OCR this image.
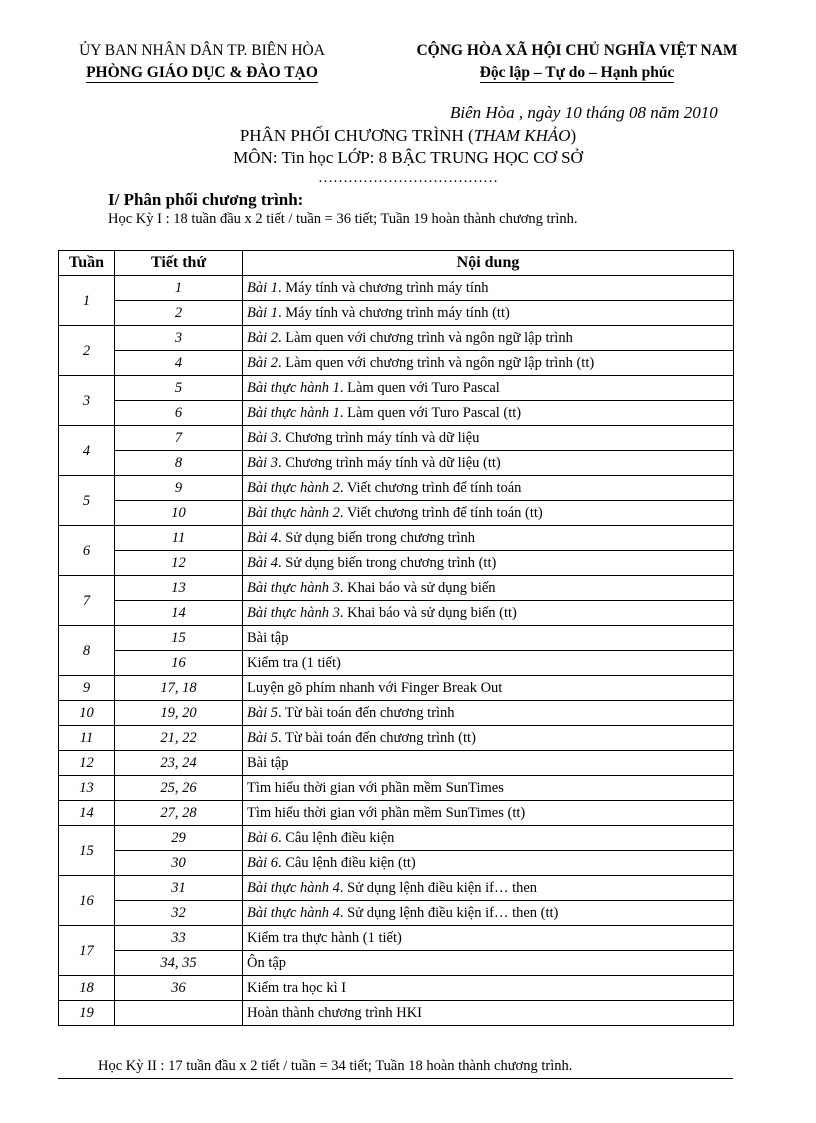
ỦY BAN NHÂN DÂN TP. BIÊN HÒA
PHÒNG GIÁO DỤC & ĐÀO TẠO
CỘNG HÒA XÃ HỘI CHỦ NGHĨA VIỆT NAM
Độc lập – Tự do – Hạnh phúc
Biên Hòa , ngày 10 tháng 08 năm 2010
PHÂN PHỐI CHƯƠNG TRÌNH (THAM KHẢO)
MÔN: Tin học LỚP: 8 BẬC TRUNG HỌC CƠ SỞ
………………………………
I/ Phân phối chương trình:
Học Kỳ I : 18 tuần đầu x 2 tiết / tuần = 36 tiết; Tuần 19 hoàn thành chương trình.
Tuần	Tiết thứ	Nội dung
1	1	Bài 1. Máy tính và chương trình máy tính
	2	Bài 1. Máy tính và chương trình máy tính (tt)
2	3	Bài 2. Làm quen với chương trình và ngôn ngữ lập trình
	4	Bài 2. Làm quen với chương trình và ngôn ngữ lập trình (tt)
3	5	Bài thực hành 1. Làm quen với Turo Pascal
	6	Bài thực hành 1. Làm quen với Turo Pascal (tt)
4	7	Bài 3. Chương trình máy tính và dữ liệu
	8	Bài 3. Chương trình máy tính và dữ liệu (tt)
5	9	Bài thực hành 2. Viết chương trình để tính toán
	10	Bài thực hành 2. Viết chương trình để tính toán (tt)
6	11	Bài 4. Sử dụng biến trong chương trình
	12	Bài 4. Sử dụng biến trong chương trình (tt)
7	13	Bài thực hành 3. Khai báo và sử dụng biến
	14	Bài thực hành 3. Khai báo và sử dụng biến (tt)
8	15	Bài tập
	16	Kiểm tra (1 tiết)
9	17, 18	Luyện gõ phím nhanh với Finger Break Out
10	19, 20	Bài 5. Từ bài toán đến chương trình
11	21, 22	Bài 5. Từ bài toán đến chương trình (tt)
12	23, 24	Bài tập
13	25, 26	Tìm hiểu thời gian với phần mềm SunTimes
14	27, 28	Tìm hiểu thời gian với phần mềm SunTimes (tt)
15	29	Bài 6. Câu lệnh điều kiện
	30	Bài 6. Câu lệnh điều kiện (tt)
16	31	Bài thực hành 4. Sử dụng lệnh điều kiện if… then
	32	Bài thực hành 4. Sử dụng lệnh điều kiện if… then (tt)
17	33	Kiểm tra thực hành (1 tiết)
	34, 35	Ôn tập
18	36	Kiểm tra học kì I
19		Hoàn thành chương trình HKI
Học Kỳ II : 17 tuần đầu x 2 tiết / tuần = 34 tiết; Tuần 18 hoàn thành chương trình.
